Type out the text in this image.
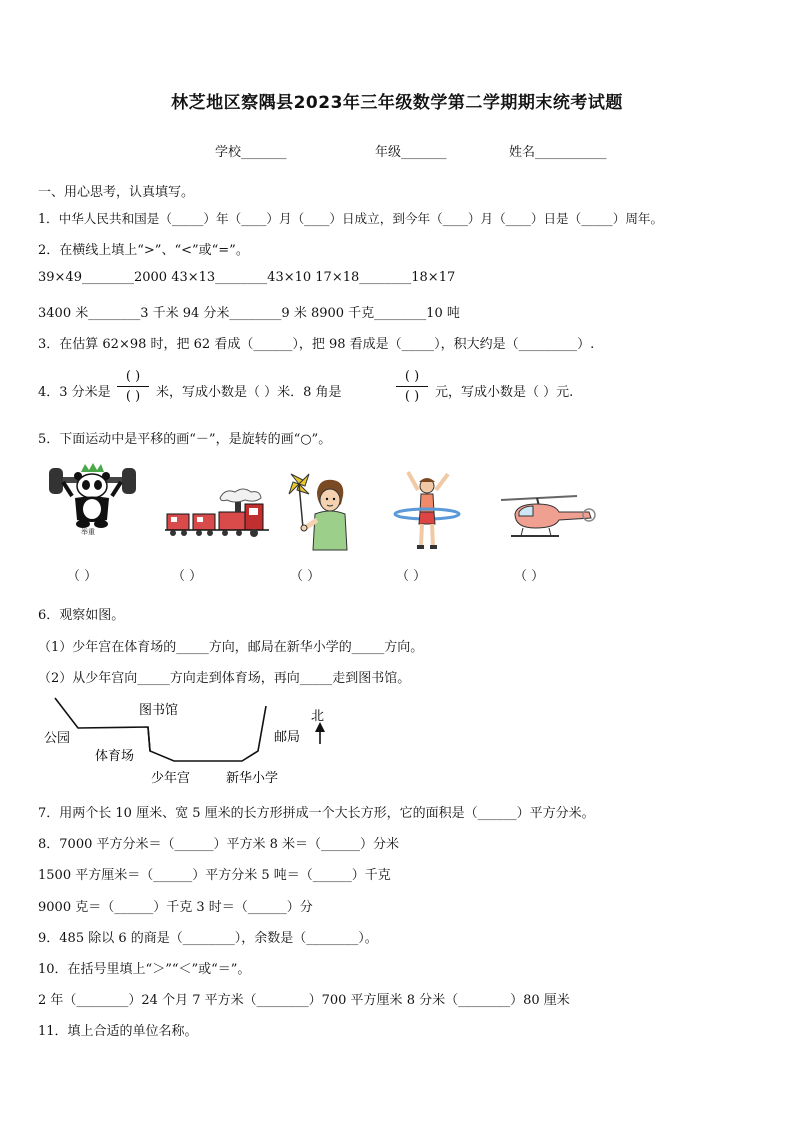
林芝地区察隅县2023年三年级数学第二学期期末统考试题
学校_______	年级_______	姓名___________
一、用心思考，认真填写。
1．中华人民共和国是（_____）年（____）月（____）日成立，到今年（____）月（____）日是（_____）周年。
2．在横线上填上“>”、“<”或“=”。
39×49________2000 43×13________43×10 17×18________18×17
3400 米________3 千米 94 分米________9 米 8900 千克________10 吨
3．在估算 62×98 时，把 62 看成（______），把 98 看成是（_____），积大约是（_________）.
4．3 分米是
( )
( )	米，写成小数是（ ）米．8 角是
( )
( )	元，写成小数是（ ）元.
5．下面运动中是平移的画“－”，是旋转的画“○”。
举重
（ ）	（ ）	（ ）	（ ）	（ ）
6．观察如图。
（1）少年宫在体育场的_____方向，邮局在新华小学的_____方向。
（2）从少年宫向_____方向走到体育场，再向_____走到图书馆。
公园
图书馆
体育场
少年宫	新华小学
邮局
北
7．用两个长 10 厘米、宽 5 厘米的长方形拼成一个大长方形，它的面积是（______）平方分米。
8．7000 平方分米＝（______）平方米 8 米＝（______）分米
1500 平方厘米＝（______）平方分米 5 吨＝（______）千克
9000 克＝（______）千克 3 时＝（______）分
9．485 除以 6 的商是（________），余数是（________）。
10．在括号里填上“＞”“＜”或“＝”。
2 年（________）24 个月 7 平方米（________）700 平方厘米 8 分米（________）80 厘米
11．填上合适的单位名称。
